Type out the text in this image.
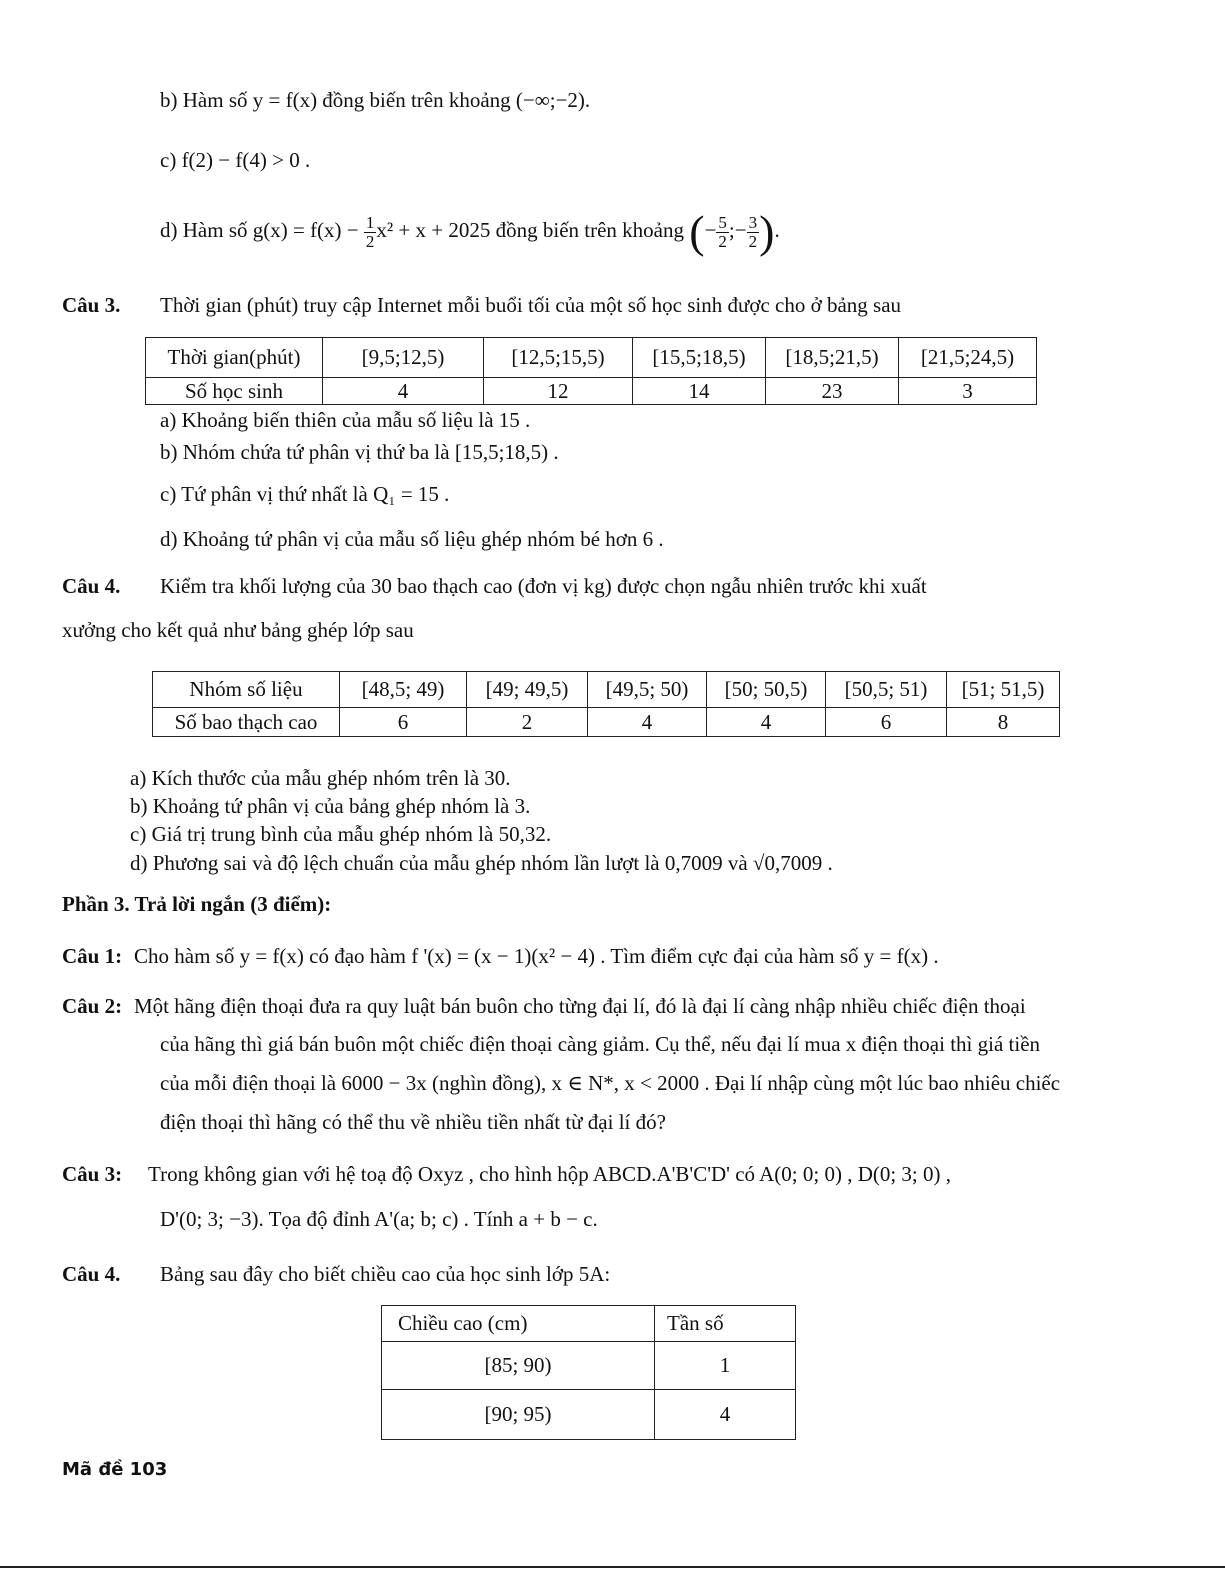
b) Hàm số y = f(x) đồng biến trên khoảng (−∞;−2).
c) f(2) − f(4) > 0 .
d) Hàm số $g(x) = f(x) - \frac{1}{2} x^2 + x + 2025$ đồng biến trên khoảng (− $\frac{5}{2}$ ;− $\frac{3}{2}$ ).
Câu 3. Thời gian (phút) truy cập Internet mỗi buổi tối của một số học sinh được cho ở bảng sau
Thời gian(phút)	[9,5;12,5)	[12,5;15,5)	[15,5;18,5)	[18,5;21,5)	[21,5;24,5)
Số học sinh	4	12	14	23	3
a) Khoảng biến thiên của mẫu số liệu là 15 .
b) Nhóm chứa tứ phân vị thứ ba là [15,5;18,5) .
c) Tứ phân vị thứ nhất là Q₁ = 15 .
d) Khoảng tứ phân vị của mẫu số liệu ghép nhóm bé hơn 6 .
Câu 4. Kiểm tra khối lượng của 30 bao thạch cao (đơn vị kg) được chọn ngẫu nhiên trước khi xuất
xưởng cho kết quả như bảng ghép lớp sau
Nhóm số liệu	[48,5; 49)	[49; 49,5)	[49,5; 50)	[50; 50,5)	[50,5; 51)	[51; 51,5)
Số bao thạch cao	6	2	4	4	6	8
a) Kích thước của mẫu ghép nhóm trên là 30.
b) Khoảng tứ phân vị của bảng ghép nhóm là 3.
c) Giá trị trung bình của mẫu ghép nhóm là 50,32.
d) Phương sai và độ lệch chuẩn của mẫu ghép nhóm lần lượt là 0,7009 và √0,7009 .
Phần 3. Trả lời ngắn (3 điểm):
Câu 1: Cho hàm số y = f(x) có đạo hàm f '(x) = (x − 1)(x² − 4) . Tìm điểm cực đại của hàm số y = f(x) .
Câu 2: Một hãng điện thoại đưa ra quy luật bán buôn cho từng đại lí, đó là đại lí càng nhập nhiều chiếc điện thoại
của hãng thì giá bán buôn một chiếc điện thoại càng giảm. Cụ thể, nếu đại lí mua x điện thoại thì giá tiền
của mỗi điện thoại là 6000 − 3x (nghìn đồng), x ∈ N*, x < 2000 . Đại lí nhập cùng một lúc bao nhiêu chiếc
điện thoại thì hãng có thể thu về nhiều tiền nhất từ đại lí đó?
Câu 3: Trong không gian với hệ toạ độ Oxyz , cho hình hộp ABCD.A'B'C'D' có A(0; 0; 0) , D(0; 3; 0) ,
D'(0; 3; −3). Tọa độ đỉnh A'(a; b; c) . Tính a + b − c.
Câu 4. Bảng sau đây cho biết chiều cao của học sinh lớp 5A:
Chiều cao (cm)	Tần số
[85; 90)	1
[90; 95)	4
Mã đề 103
